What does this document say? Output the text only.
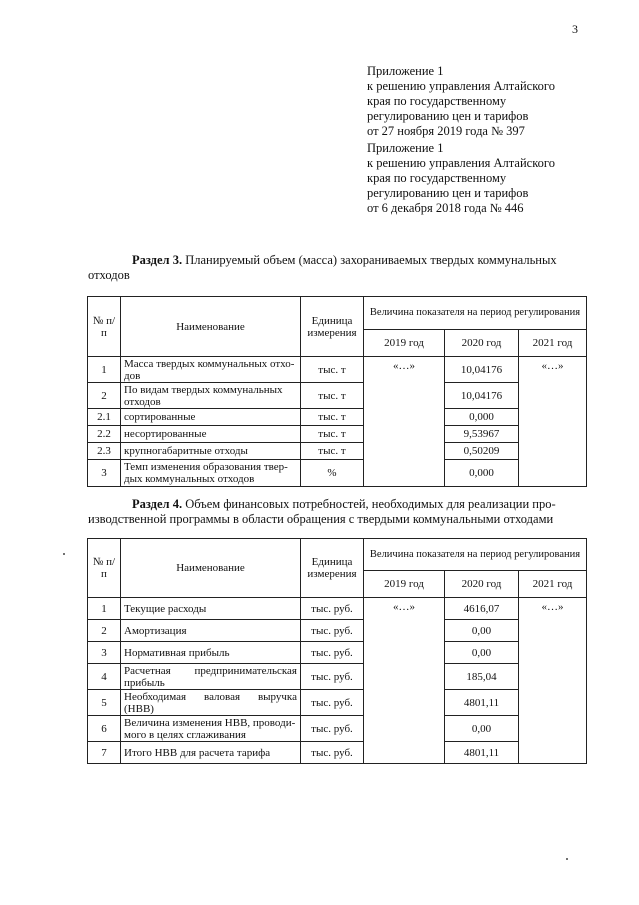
3
Приложение 1
к решению управления Алтайского
края по государственному
регулированию цен и тарифов
от 27 ноября 2019 года № 397
Приложение 1
к решению управления Алтайского
края по государственному
регулированию цен и тарифов
от 6 декабря 2018 года № 446
Раздел 3. Планируемый объем (масса) захораниваемых твердых коммунальных
отходов
№ п/п	Наименование	Единица измерения	Величина показателя на период регулирования		
			2019 год	2020 год	2021 год
1	Масса твердых коммунальных отхо-дов	тыс. т	«…»	10,04176	«…»
2	По видам твердых коммунальных отходов	тыс. т		10,04176	
2.1	сортированные	тыс. т		0,000	
2.2	несортированные	тыс. т		9,53967	
2.3	крупногабаритные отходы	тыс. т		0,50209	
3	Темп изменения образования твер-дых коммунальных отходов	%		0,000	
Раздел 4. Объем финансовых потребностей, необходимых для реализации про-
изводственной программы в области обращения с твердыми коммунальными отходами
№ п/п	Наименование	Единица измерения	Величина показателя на период регулирования		
			2019 год	2020 год	2021 год
1	Текущие расходы	тыс. руб.	«…»	4616,07	«…»
2	Амортизация	тыс. руб.		0,00	
3	Нормативная прибыль	тыс. руб.		0,00	
4	Расчетная предпринимательская прибыль	тыс. руб.		185,04	
5	Необходимая валовая выручка (НВВ)	тыс. руб.		4801,11	
6	Величина изменения НВВ, проводи-мого в целях сглаживания	тыс. руб.		0,00	
7	Итого НВВ для расчета тарифа	тыс. руб.		4801,11	
